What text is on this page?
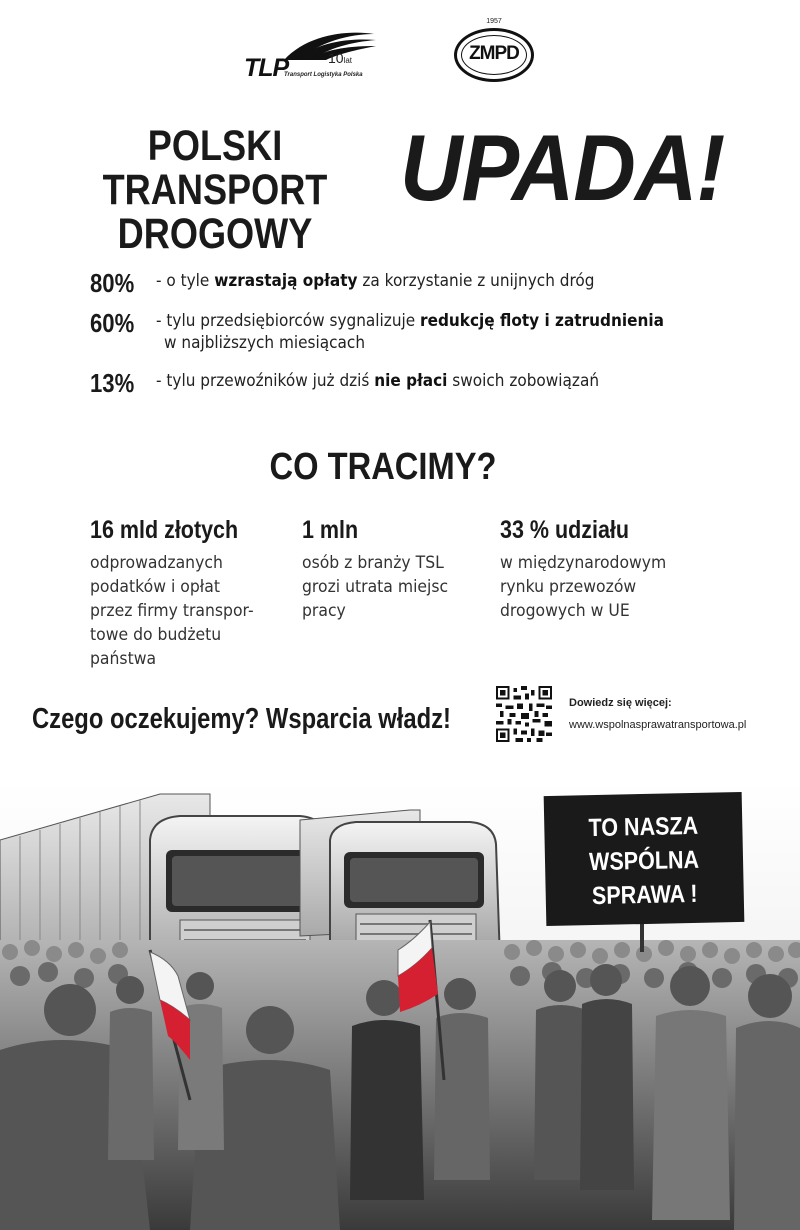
TLP	10lat
Transport Logistyka Polska
1957
ZMPD
POLSKI TRANSPORT
DROGOWY
UPADA!
80% - o tyle wzrastają opłaty za korzystanie z unijnych dróg
60% - tylu przedsiębiorców sygnalizuje redukcję floty i zatrudnienia
w najbliższych miesiącach
13% - tylu przewoźników już dziś nie płaci swoich zobowiązań
CO TRACIMY?
16 mld złotych
odprowadzanych
podatków i opłat
przez firmy transpor-
towe do budżetu
państwa
1 mln
osób z branży TSL
grozi utrata miejsc
pracy
33 % udziału
w międzynarodowym
rynku przewozów
drogowych w UE
Czego oczekujemy? Wsparcia władz!	Dowiedz się więcej:
www.wspolnasprawatransportowa.pl
TO NASZA
WSPÓLNA
SPRAWA !
